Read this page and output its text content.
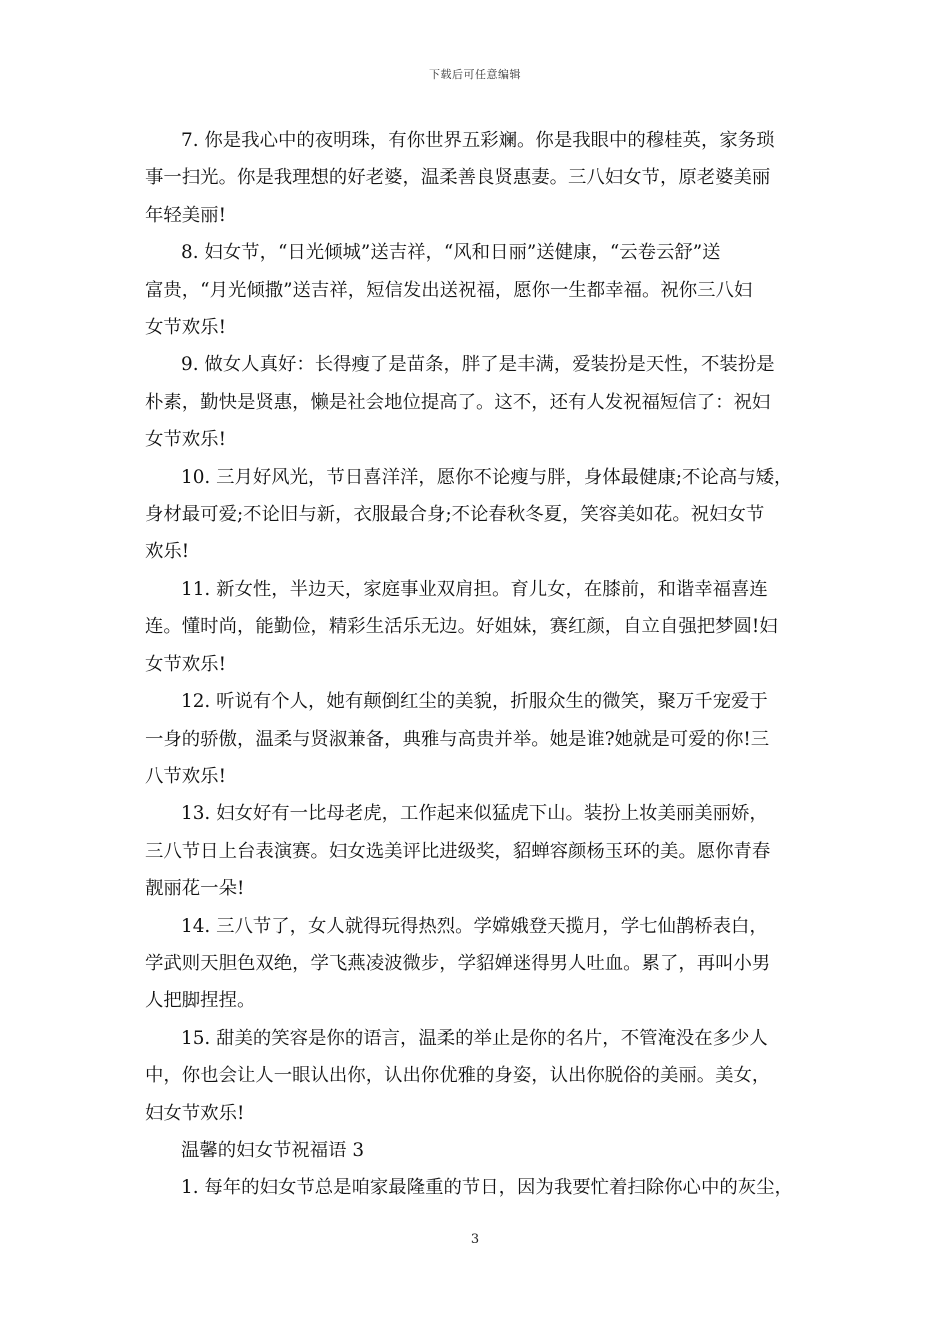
下载后可任意编辑

7. 你是我心中的夜明珠，有你世界五彩斓。你是我眼中的穆桂英，家务琐
事一扫光。你是我理想的好老婆，温柔善良贤惠妻。三八妇女节，原老婆美丽
年轻美丽!

8. 妇女节，“日光倾城”送吉祥，“风和日丽”送健康，“云卷云舒”送
富贵，“月光倾撒”送吉祥，短信发出送祝福，愿你一生都幸福。祝你三八妇
女节欢乐!

9. 做女人真好：长得瘦了是苗条，胖了是丰满，爱装扮是天性，不装扮是
朴素，勤快是贤惠，懒是社会地位提高了。这不，还有人发祝福短信了：祝妇
女节欢乐!

10. 三月好风光，节日喜洋洋，愿你不论瘦与胖，身体最健康;不论高与矮，
身材最可爱;不论旧与新，衣服最合身;不论春秋冬夏，笑容美如花。祝妇女节
欢乐!

11. 新女性，半边天，家庭事业双肩担。育儿女，在膝前，和谐幸福喜连
连。懂时尚，能勤俭，精彩生活乐无边。好姐妹，赛红颜，自立自强把梦圆!妇
女节欢乐!

12. 听说有个人，她有颠倒红尘的美貌，折服众生的微笑，聚万千宠爱于
一身的骄傲，温柔与贤淑兼备，典雅与高贵并举。她是谁?她就是可爱的你!三
八节欢乐!

13. 妇女好有一比母老虎，工作起来似猛虎下山。装扮上妆美丽美丽娇，
三八节日上台表演赛。妇女选美评比进级奖，貂蝉容颜杨玉环的美。愿你青春
靓丽花一朵!

14. 三八节了，女人就得玩得热烈。学嫦娥登天揽月，学七仙鹊桥表白，
学武则天胆色双绝，学飞燕凌波微步，学貂婵迷得男人吐血。累了，再叫小男
人把脚捏捏。

15. 甜美的笑容是你的语言，温柔的举止是你的名片，不管淹没在多少人
中，你也会让人一眼认出你，认出你优雅的身姿，认出你脱俗的美丽。美女，
妇女节欢乐!

温馨的妇女节祝福语 3

1. 每年的妇女节总是咱家最隆重的节日，因为我要忙着扫除你心中的灰尘，

3
